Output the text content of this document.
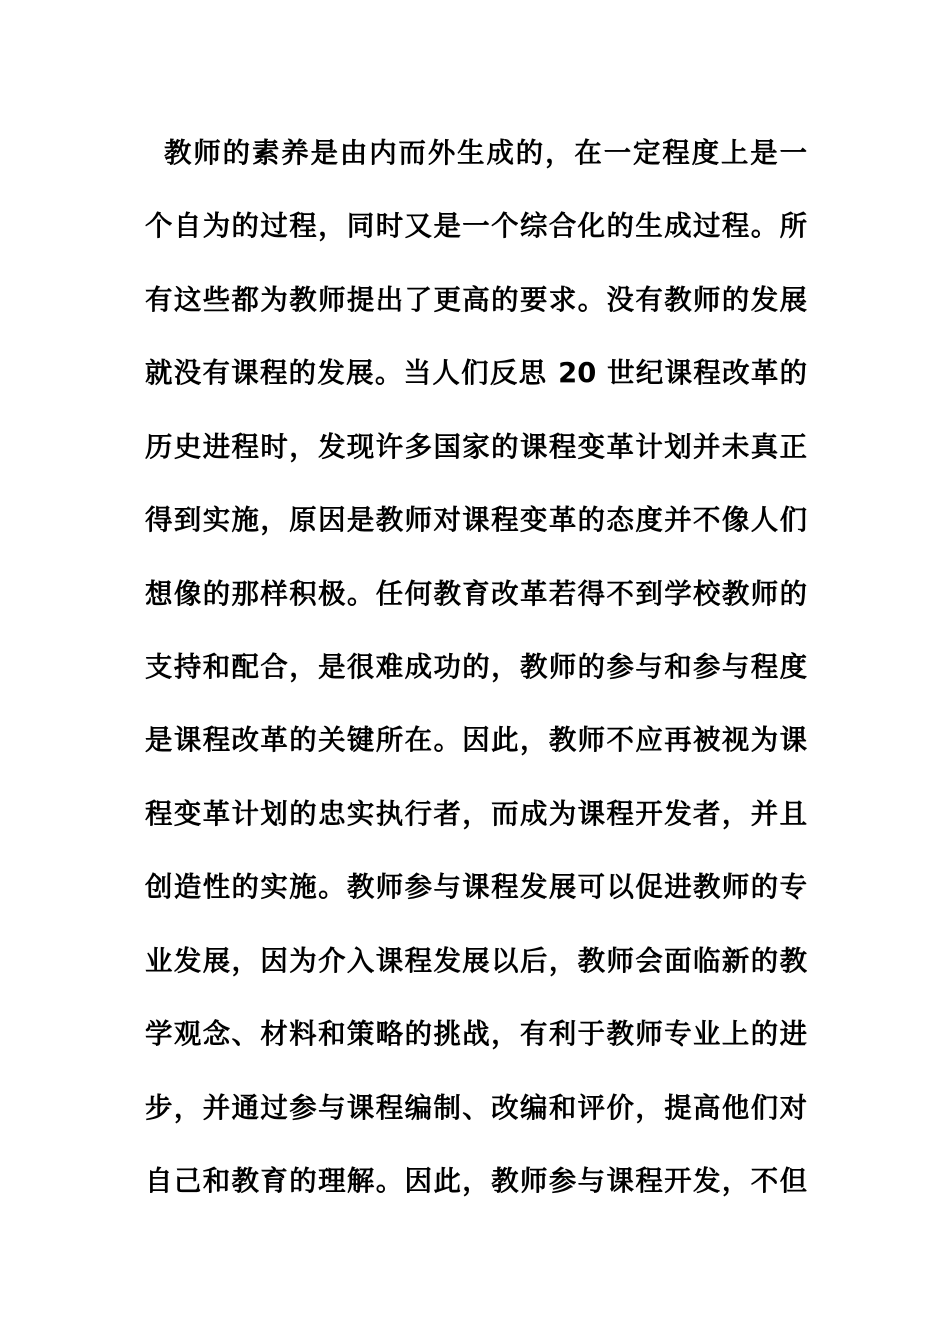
教师的素养是由内而外生成的，在一定程度上是一
个自为的过程，同时又是一个综合化的生成过程。所
有这些都为教师提出了更高的要求。没有教师的发展
就没有课程的发展。当人们反思 20 世纪课程改革的
历史进程时，发现许多国家的课程变革计划并未真正
得到实施，原因是教师对课程变革的态度并不像人们
想像的那样积极。任何教育改革若得不到学校教师的
支持和配合，是很难成功的，教师的参与和参与程度
是课程改革的关键所在。因此，教师不应再被视为课
程变革计划的忠实执行者，而成为课程开发者，并且
创造性的实施。教师参与课程发展可以促进教师的专
业发展，因为介入课程发展以后，教师会面临新的教
学观念、材料和策略的挑战，有利于教师专业上的进
步，并通过参与课程编制、改编和评价，提高他们对
自己和教育的理解。因此，教师参与课程开发，不但
